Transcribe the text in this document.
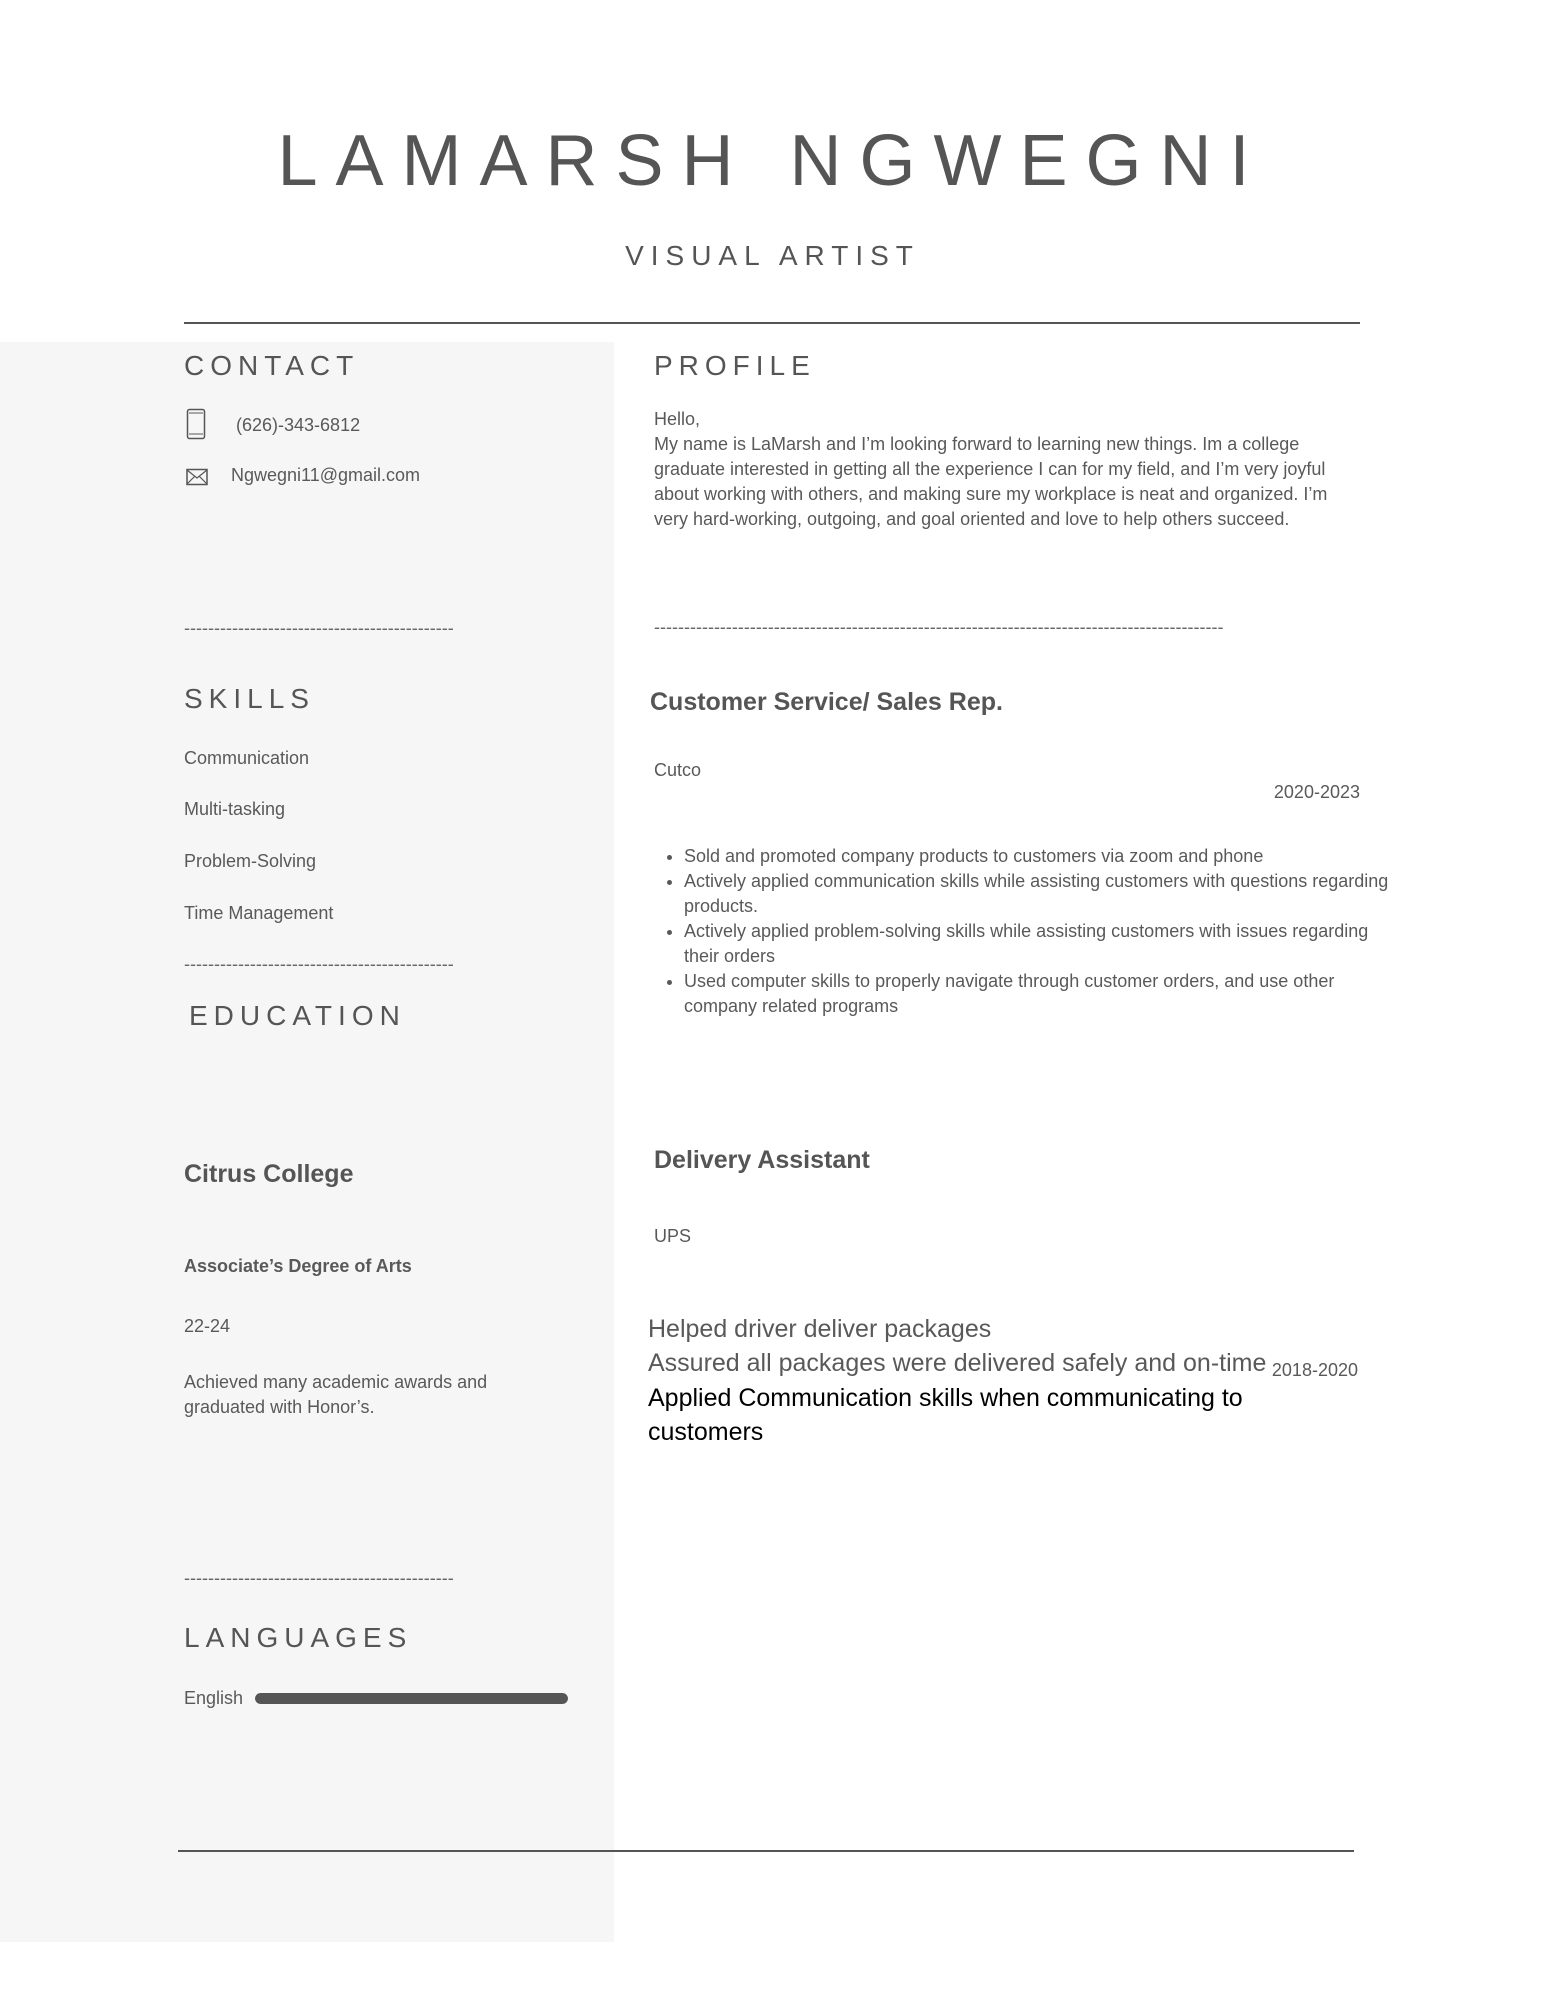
LAMARSH NGWEGNI
VISUAL ARTIST
CONTACT
(626)-343-6812
Ngwegni11@gmail.com
---------------------------------------------
SKILLS
Communication
Multi-tasking
Problem-Solving
Time Management
---------------------------------------------
EDUCATION
Citrus College
Associate’s Degree of Arts
22-24
Achieved many academic awards and graduated with Honor’s.
---------------------------------------------
LANGUAGES
English
PROFILE
Hello,
My name is LaMarsh and I’m looking forward to learning new things. Im a college graduate interested in getting all the experience I can for my field, and I’m very joyful about working with others, and making sure my workplace is neat and organized. I’m very hard-working, outgoing, and goal oriented and love to help others succeed.
-----------------------------------------------------------------------------------------------
Customer Service/ Sales Rep.
Cutco
2020-2023
• Sold and promoted company products to customers via zoom and phone
• Actively applied communication skills while assisting customers with questions regarding products.
• Actively applied problem-solving skills while assisting customers with issues regarding their orders
• Used computer skills to properly navigate through customer orders, and use other company related programs
Delivery Assistant
UPS
2018-2020
Helped driver deliver packages
Assured all packages were delivered safely and on-time
Applied Communication skills when communicating to customers
